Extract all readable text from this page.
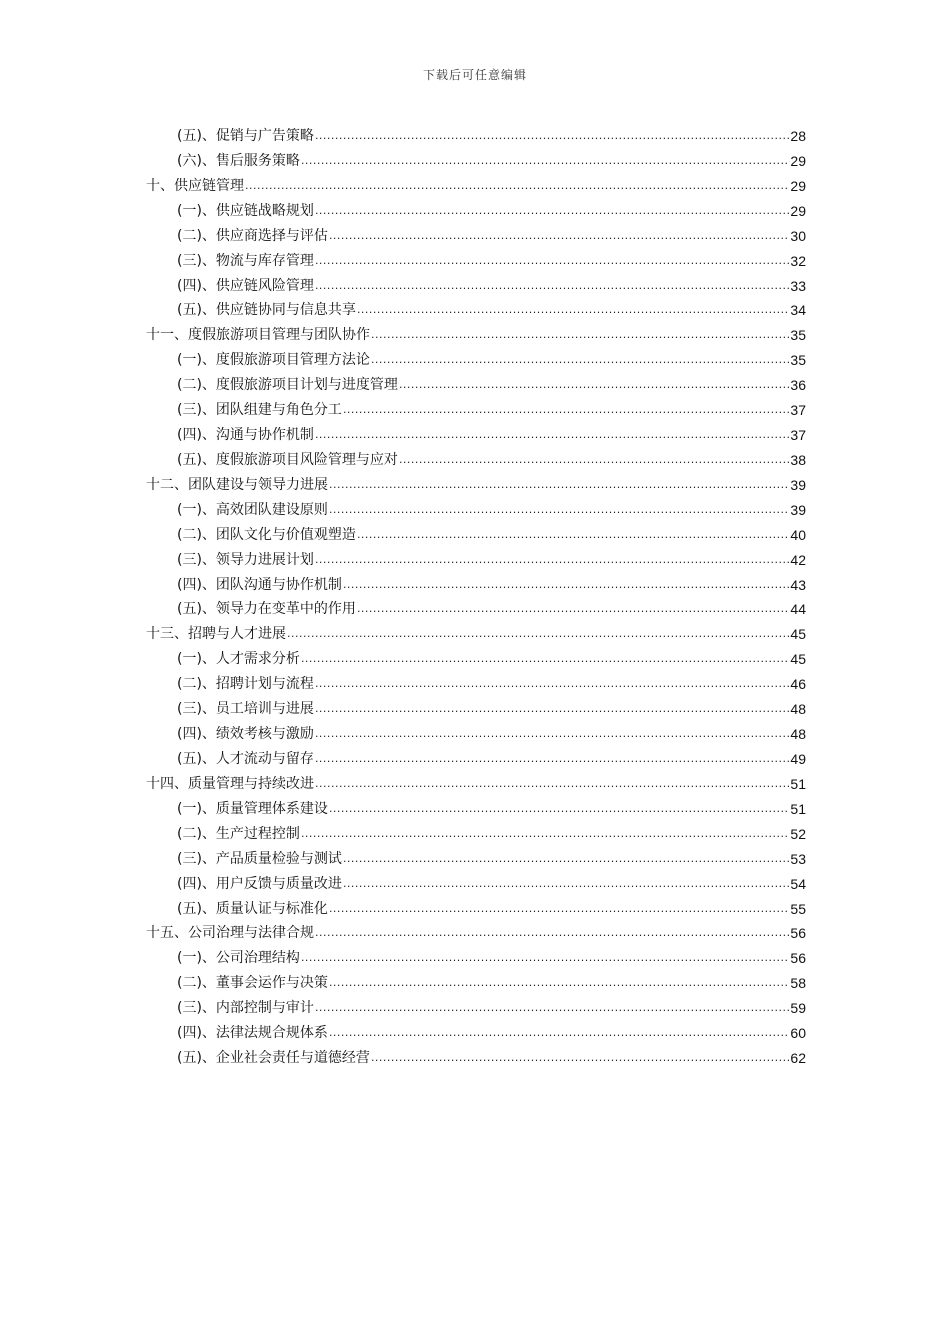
下载后可任意编辑
(五)、促销与广告策略 .....	28
(六)、售后服务策略 .....	29
十、供应链管理 .....	29
(一)、供应链战略规划 .....	29
(二)、供应商选择与评估 .....	30
(三)、物流与库存管理 .....	32
(四)、供应链风险管理 .....	33
(五)、供应链协同与信息共享 .....	34
十一、度假旅游项目管理与团队协作 .....	35
(一)、度假旅游项目管理方法论 .....	35
(二)、度假旅游项目计划与进度管理 .....	36
(三)、团队组建与角色分工 .....	37
(四)、沟通与协作机制 .....	37
(五)、度假旅游项目风险管理与应对 .....	38
十二、团队建设与领导力进展 .....	39
(一)、高效团队建设原则 .....	39
(二)、团队文化与价值观塑造 .....	40
(三)、领导力进展计划 .....	42
(四)、团队沟通与协作机制 .....	43
(五)、领导力在变革中的作用 .....	44
十三、招聘与人才进展 .....	45
(一)、人才需求分析 .....	45
(二)、招聘计划与流程 .....	46
(三)、员工培训与进展 .....	48
(四)、绩效考核与激励 .....	48
(五)、人才流动与留存 .....	49
十四、质量管理与持续改进 .....	51
(一)、质量管理体系建设 .....	51
(二)、生产过程控制 .....	52
(三)、产品质量检验与测试 .....	53
(四)、用户反馈与质量改进 .....	54
(五)、质量认证与标准化 .....	55
十五、公司治理与法律合规 .....	56
(一)、公司治理结构 .....	56
(二)、董事会运作与决策 .....	58
(三)、内部控制与审计 .....	59
(四)、法律法规合规体系 .....	60
(五)、企业社会责任与道德经营 .....	62
